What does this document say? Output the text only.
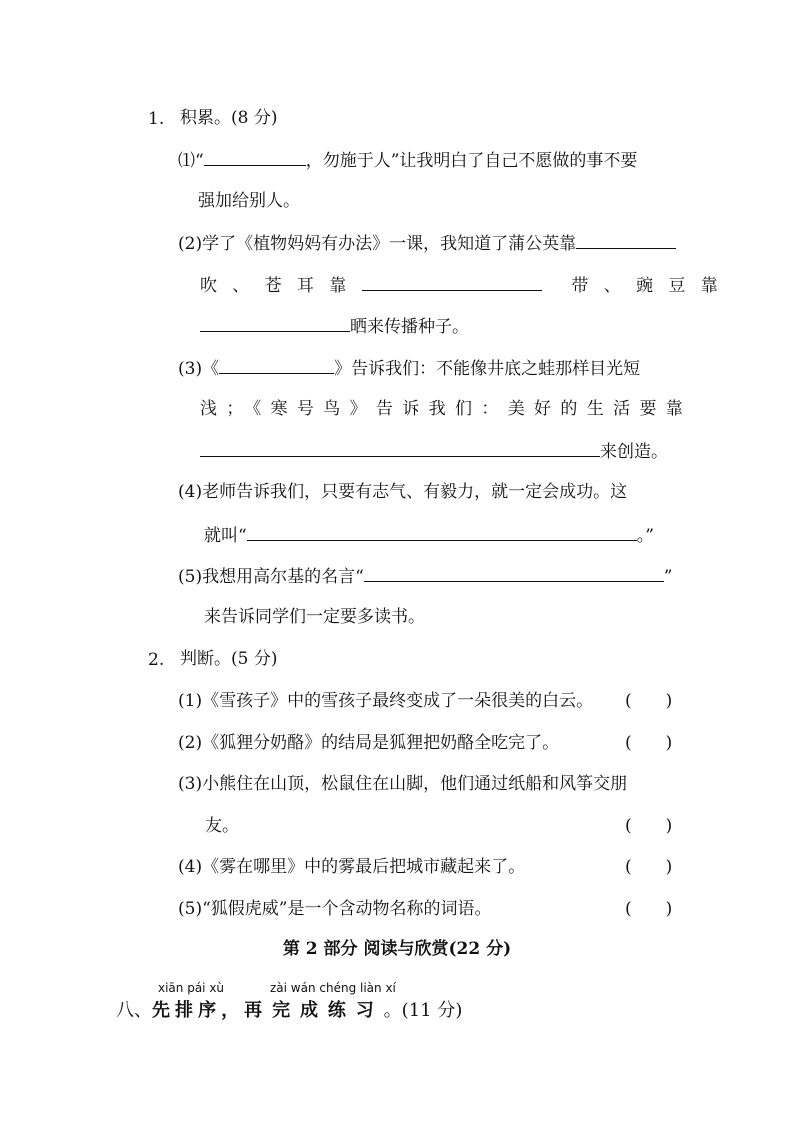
1. 积累。(8 分)
⑴“	，勿施于人”让我明白了自己不愿做的事不要
强加给别人。
(2)学了《植物妈妈有办法》一课，我知道了蒲公英靠
吹、苍耳靠	带、豌豆靠
晒来传播种子。
(3)《	》告诉我们：不能像井底之蛙那样目光短
浅；《寒号鸟》告诉我们：美好的生活要靠
来创造。
(4)老师告诉我们，只要有志气、有毅力，就一定会成功。这
就叫“	。”
(5)我想用高尔基的名言“	”
来告诉同学们一定要多读书。
2. 判断。(5 分)
(1)《雪孩子》中的雪孩子最终变成了一朵很美的白云。 (　　)
(2)《狐狸分奶酪》的结局是狐狸把奶酪全吃完了。	(　　)
(3)小熊住在山顶，松鼠住在山脚，他们通过纸船和风筝交朋
友。	(　　)
(4)《雾在哪里》中的雾最后把城市藏起来了。	(　　)
(5)“狐假虎威”是一个含动物名称的词语。	(　　)
第 2 部分 阅读与欣赏(22 分)
xiān pái xù	zài wán chéng liàn xí
八、先排序，再完成练习。(11 分)
